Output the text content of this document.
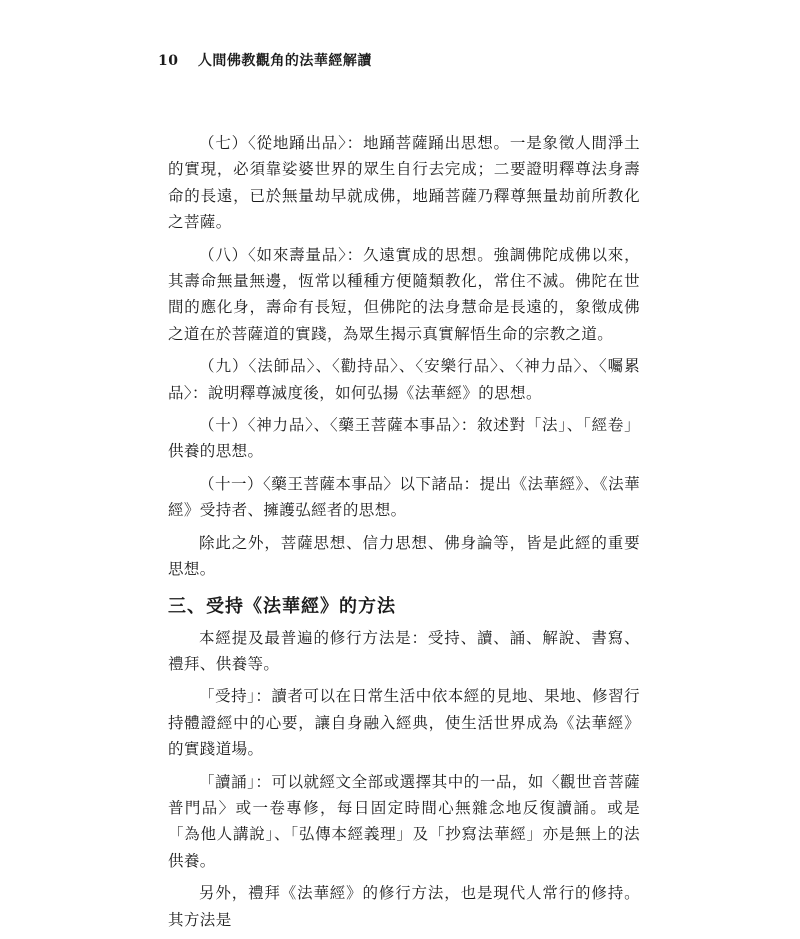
10 人間佛教觀角的法華經解讀

（七）〈從地踊出品〉：地踊菩薩踊出思想。一是象徵人間淨土的實現，必須靠娑婆世界的眾生自行去完成；二要證明釋尊法身壽命的長遠，已於無量劫早就成佛，地踊菩薩乃釋尊無量劫前所教化之菩薩。

（八）〈如來壽量品〉：久遠實成的思想。強調佛陀成佛以來，其壽命無量無邊，恆常以種種方便隨類教化，常住不滅。佛陀在世間的應化身，壽命有長短，但佛陀的法身慧命是長遠的，象徵成佛之道在於菩薩道的實踐，為眾生揭示真實解悟生命的宗教之道。

（九）〈法師品〉、〈勸持品〉、〈安樂行品〉、〈神力品〉、〈囑累品〉：說明釋尊滅度後，如何弘揚《法華經》的思想。

（十）〈神力品〉、〈藥王菩薩本事品〉：敘述對「法」、「經卷」供養的思想。

（十一）〈藥王菩薩本事品〉以下諸品：提出《法華經》、《法華經》受持者、擁護弘經者的思想。

除此之外，菩薩思想、信力思想、佛身論等，皆是此經的重要思想。

三、受持《法華經》的方法

本經提及最普遍的修行方法是：受持、讀、誦、解說、書寫、禮拜、供養等。

「受持」：讀者可以在日常生活中依本經的見地、果地、修習行持體證經中的心要，讓自身融入經典，使生活世界成為《法華經》的實踐道場。

「讀誦」：可以就經文全部或選擇其中的一品，如〈觀世音菩薩普門品〉或一卷專修，每日固定時間心無雜念地反復讀誦。或是「為他人講說」、「弘傳本經義理」及「抄寫法華經」亦是無上的法供養。

另外，禮拜《法華經》的修行方法，也是現代人常行的修持。其方法是
